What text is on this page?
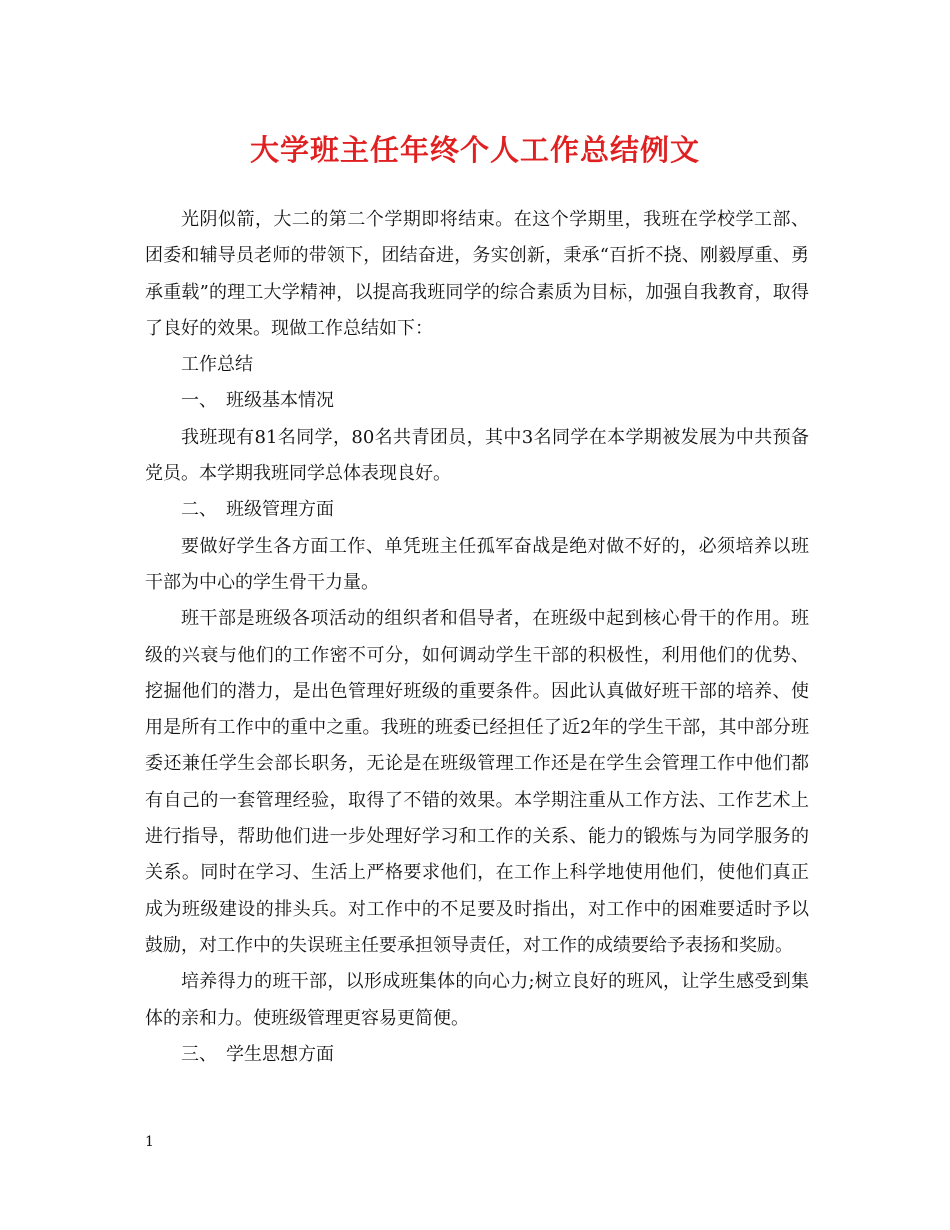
大学班主任年终个人工作总结例文

光阴似箭，大二的第二个学期即将结束。在这个学期里，我班在学校学工部、团委和辅导员老师的带领下，团结奋进，务实创新，秉承“百折不挠、刚毅厚重、勇承重载”的理工大学精神，以提高我班同学的综合素质为目标，加强自我教育，取得了良好的效果。现做工作总结如下：

工作总结

一、　班级基本情况

我班现有81名同学，80名共青团员，其中3名同学在本学期被发展为中共预备党员。本学期我班同学总体表现良好。

二、　班级管理方面

要做好学生各方面工作、单凭班主任孤军奋战是绝对做不好的，必须培养以班干部为中心的学生骨干力量。

班干部是班级各项活动的组织者和倡导者，在班级中起到核心骨干的作用。班级的兴衰与他们的工作密不可分，如何调动学生干部的积极性，利用他们的优势、挖掘他们的潜力，是出色管理好班级的重要条件。因此认真做好班干部的培养、使用是所有工作中的重中之重。我班的班委已经担任了近2年的学生干部，其中部分班委还兼任学生会部长职务，无论是在班级管理工作还是在学生会管理工作中他们都有自己的一套管理经验，取得了不错的效果。本学期注重从工作方法、工作艺术上进行指导，帮助他们进一步处理好学习和工作的关系、能力的锻炼与为同学服务的关系。同时在学习、生活上严格要求他们，在工作上科学地使用他们，使他们真正成为班级建设的排头兵。对工作中的不足要及时指出，对工作中的困难要适时予以鼓励，对工作中的失误班主任要承担领导责任，对工作的成绩要给予表扬和奖励。

培养得力的班干部，以形成班集体的向心力;树立良好的班风，让学生感受到集体的亲和力。使班级管理更容易更简便。

三、　学生思想方面

1
